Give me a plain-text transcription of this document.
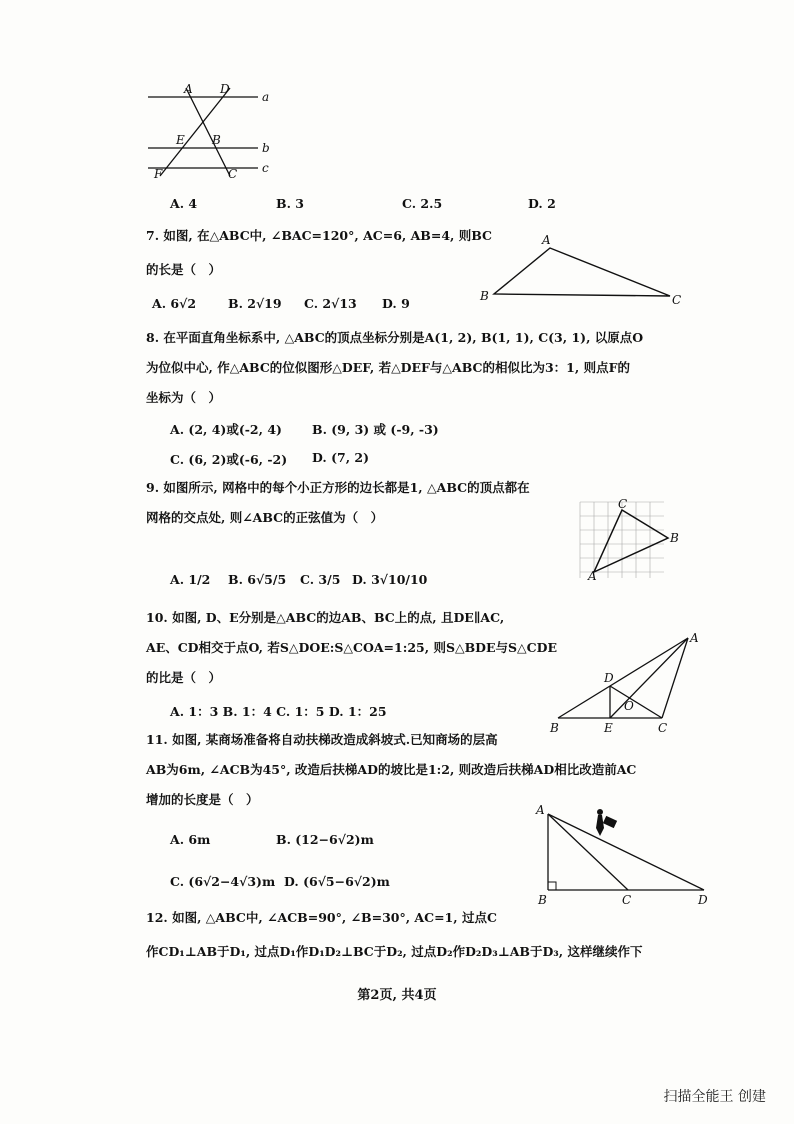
A D
a
E B
b
F	C c
A. 4	B. 3	C. 2.5	D. 2
7. 如图, 在△ABC中, ∠BAC=120°, AC=6, AB=4, 则BC
的长是（　）
A. 6√2	B. 2√19 C. 2√13 D. 9
A
B	C
8. 在平面直角坐标系中, △ABC的顶点坐标分别是A(1, 2), B(1, 1), C(3, 1), 以原点O
为位似中心, 作△ABC的位似图形△DEF, 若△DEF与△ABC的相似比为3：1, 则点F的
坐标为（　）
A. (2, 4)或(-2, 4) B. (9, 3) 或 (-9, -3)
C. (6, 2)或(-6, -2) D. (7, 2)
9. 如图所示, 网格中的每个小正方形的边长都是1, △ABC的顶点都在
网格的交点处, 则∠ABC的正弦值为（　）
A. 1/2 B. 6√5/5 C. 3/5 D. 3√10/10
C
B
A
10. 如图, D、E分别是△ABC的边AB、BC上的点, 且DE∥AC,
AE、CD相交于点O, 若S△DOE:S△COA=1:25, 则S△BDE与S△CDE
的比是（　）
A. 1：3 B. 1：4 C. 1：5 D. 1：25
A
D
O
B	E	C
11. 如图, 某商场准备将自动扶梯改造成斜坡式.已知商场的层高
AB为6m, ∠ACB为45°, 改造后扶梯AD的坡比是1:2, 则改造后扶梯AD相比改造前AC
增加的长度是（　）
A. 6m	B. (12−6√2)m
C. (6√2−4√3)m D. (6√5−6√2)m
A
B	C	D
12. 如图, △ABC中, ∠ACB=90°, ∠B=30°, AC=1, 过点C
作CD₁⊥AB于D₁, 过点D₁作D₁D₂⊥BC于D₂, 过点D₂作D₂D₃⊥AB于D₃, 这样继续作下
第2页, 共4页
扫描全能王 创建
